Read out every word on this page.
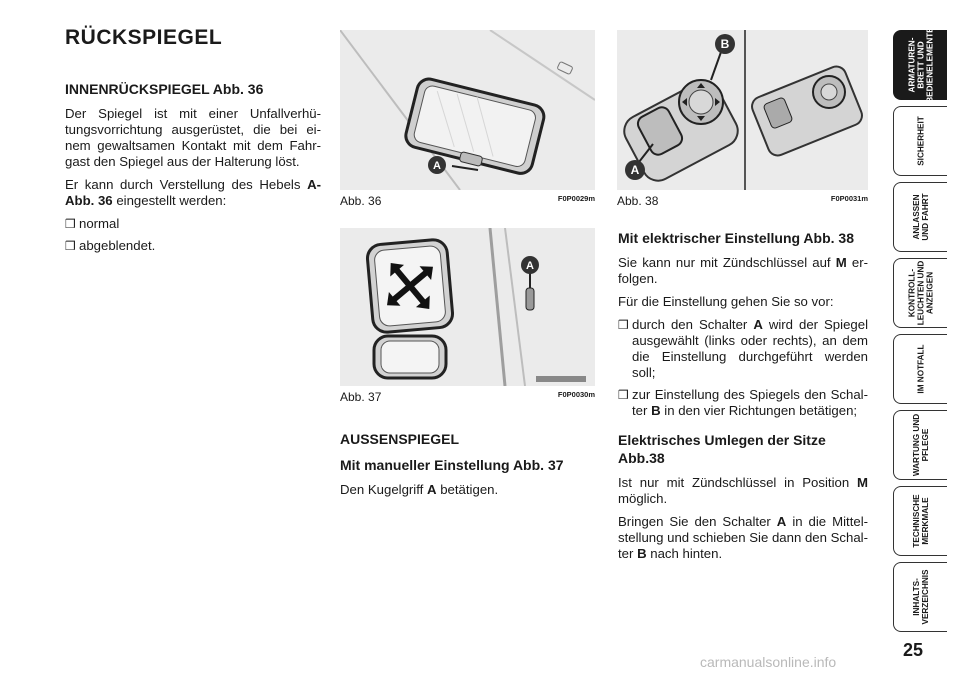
RÜCKSPIEGEL
INNENRÜCKSPIEGEL Abb. 36

Der Spiegel ist mit einer Unfallverhü- tungsvorrichtung ausgerüstet, die bei ei- nem gewaltsamen Kontakt mit dem Fahr- gast den Spiegel aus der Halterung löst.

Er kann durch Verstellung des Hebels A-Abb. 36 eingestellt werden:

❒ normal
❒ abgeblendet.
A
Abb. 36	F0P0029m
A
Abb. 37	F0P0030m
AUSSENSPIEGEL
Mit manueller Einstellung Abb. 37

Den Kugelgriff A betätigen.

B
A
Abb. 38	F0P0031m
Mit elektrischer Einstellung Abb. 38

Sie kann nur mit Zündschlüssel auf M er- folgen.

Für die Einstellung gehen Sie so vor:

❒ durch den Schalter A wird der Spiegel ausgewählt (links oder rechts), an dem die Einstellung durchgeführt werden soll;
❒ zur Einstellung des Spiegels den Schal- ter B in den vier Richtungen betätigen;
Elektrisches Umlegen der Sitze Abb.38

Ist nur mit Zündschlüssel in Position M möglich.

Bringen Sie den Schalter A in die Mittel- stellung und schieben Sie dann den Schal- ter B nach hinten.

ARMATUREN-
BRETT UND
BEDIENELEMENTE
SICHERHEIT
ANLASSEN
UND FAHRT
KONTROLL-
LEUCHTEN UND
ANZEIGEN
IM NOTFALL
WARTUNG UND
PFLEGE
TECHNISCHE
MERKMALE
INHALTS-
VERZEICHNIS
25
carmanualsonline.info
